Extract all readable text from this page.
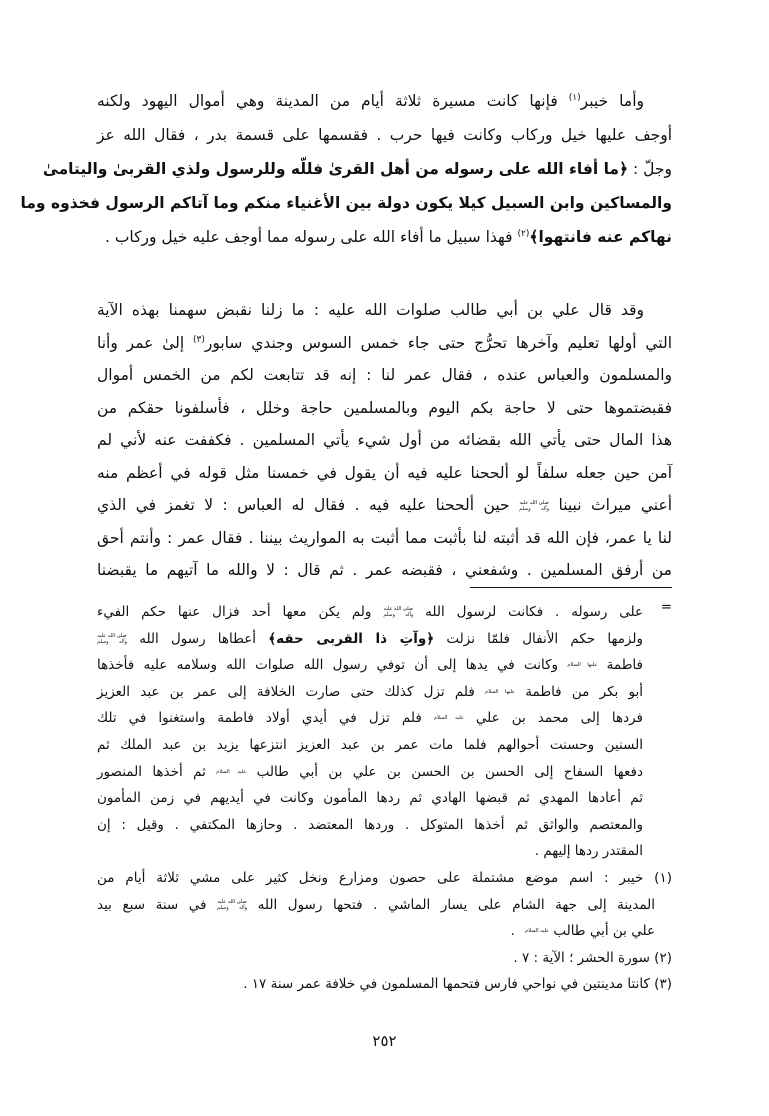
وأما خيبر$^{(١)}$ فإنها كانت مسيرة ثلاثة أيام من المدينة وهي أموال اليهود ولكنه
أوجف عليها خيل وركاب وكانت فيها حرب . فقسمها على قسمة بدر ، فقال الله عز
وجلّ : ﴿ما أفاء الله على رسوله من أهل القرىٰ فللّه وللرسول ولذي القربىٰ واليتامىٰ
والمساكين وابن السبيل كيلا يكون دولة بين الأغنياء منكم وما آتاكم الرسول فخذوه وما
نهاكم عنه فانتهوا﴾$^{(٢)}$ فهذا سبيل ما أفاء الله على رسوله مما أوجف عليه خيل وركاب .
وقد قال علي بن أبي طالب صلوات الله عليه : ما زلنا نقبض سهمنا بهذه الآية
التي أولها تعليم وآخرها تحرُّج حتى جاء خمس السوس وجندي سابور$^{(٣)}$ إلىٰ عمر وأنا
والمسلمون والعباس عنده ، فقال عمر لنا : إنه قد تتابعت لكم من الخمس أموال
فقبضتموها حتى لا حاجة بكم اليوم وبالمسلمين حاجة وخلل ، فأسلفونا حقكم من
هذا المال حتى يأتي الله بقضائه من أول شيء يأتي المسلمين . فكففت عنه لأني لم
آمن حين جعله سلفاً لو ألححنا عليه فيه أن يقول في خمسنا مثل قوله في أعظم منه
أعني ميراث نبينا صلى الله عليه وآله وسلم حين ألححنا عليه فيه . فقال له العباس : لا تغمز في الذي
لنا يا عمر، فإن الله قد أثبته لنا بأثبت مما أثبت به المواريث بيننا . فقال عمر : وأنتم أحق
من أرفق المسلمين . وشفعني ، فقبضه عمر . ثم قال : لا والله ما آتيهم ما يقبضنا
=
على رسوله . فكانت لرسول الله صلى الله عليه وآله وسلم ولم يكن معها أحد فزال عنها حكم الفيء
ولزمها حكم الأنفال فلمّا نزلت ﴿وآتِ ذا القربى حقه﴾ أعطاها رسول الله صلى الله عليه وآله وسلم
فاطمة عليها السلام وكانت في يدها إلى أن توفي رسول الله صلوات الله وسلامه عليه فأخذها
أبو بكر من فاطمة عليها السلام فلم تزل كذلك حتى صارت الخلافة إلى عمر بن عبد العزيز
فردها إلى محمد بن علي عليه السلام فلم تزل في أيدي أولاد فاطمة واستغنوا في تلك
السنين وحسنت أحوالهم فلما مات عمر بن عبد العزيز انتزعها يزيد بن عبد الملك ثم
دفعها السفاح إلى الحسن بن الحسن بن علي بن أبي طالب عليه السلام ثم أخذها المنصور
ثم أعادها المهدي ثم قبضها الهادي ثم ردها المأمون وكانت في أيديهم في زمن المأمون
والمعتصم والواثق ثم أخذها المتوكل . وردها المعتضد . وحازها المكتفي . وقيل : إن
المقتدر ردها إليهم .
(١) خيبر : اسم موضع مشتملة على حصون ومزارع ونخل كثير على مشي ثلاثة أيام من
المدينة إلى جهة الشام على يسار الماشي . فتحها رسول الله صلى الله عليه وآله وسلم في سنة سبع بيد
علي بن أبي طالب عليه السلام .
(٢) سورة الحشر ؛ الآية : ٧ .
(٣) كانتا مدينتين في نواحي فارس فتحمها المسلمون في خلافة عمر سنة ١٧ .
٢٥٢
